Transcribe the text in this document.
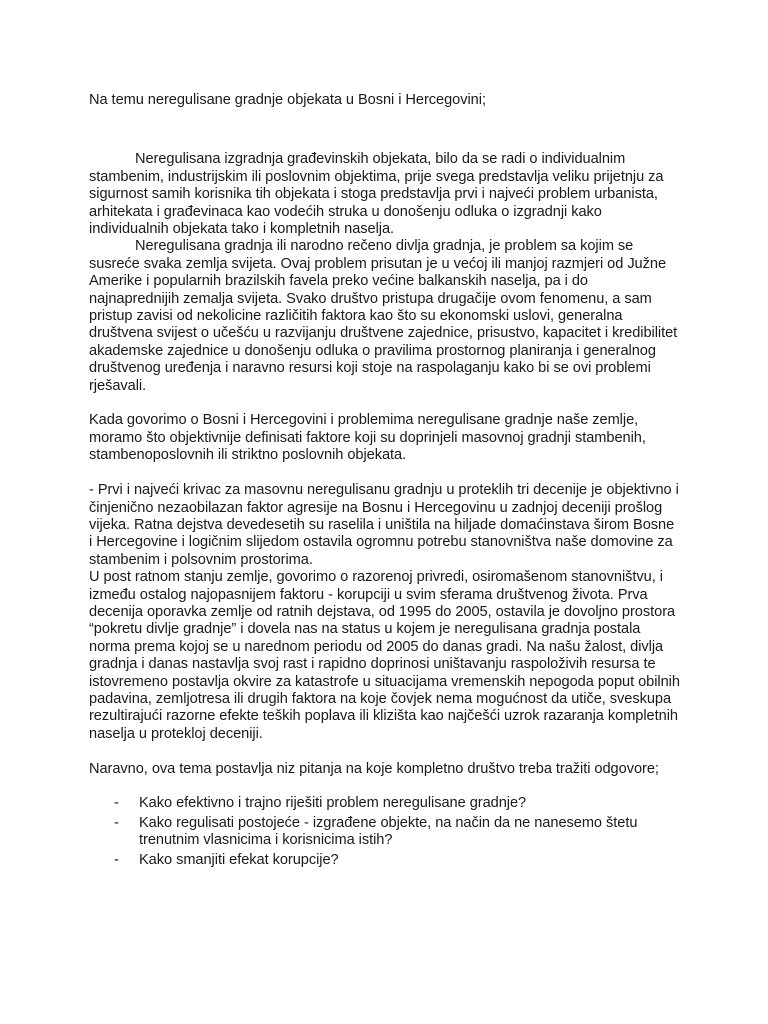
Na temu neregulisane gradnje objekata u Bosni i Hercegovini;

Neregulisana izgradnja građevinskih objekata, bilo da se radi o individualnim stambenim, industrijskim ili poslovnim objektima, prije svega predstavlja veliku prijetnju za sigurnost samih korisnika tih objekata i stoga predstavlja prvi i najveći problem urbanista, arhitekata i građevinaca kao vodećih struka u donošenju odluka o izgradnji kako individualnih objekata tako i kompletnih naselja.

Neregulisana gradnja ili narodno rečeno divlja gradnja, je problem sa kojim se susreće svaka zemlja svijeta. Ovaj problem prisutan je u većoj ili manjoj razmjeri od Južne Amerike i popularnih brazilskih favela preko većine balkanskih naselja, pa i do najnaprednijih zemalja svijeta. Svako društvo pristupa drugačije ovom fenomenu, a sam pristup zavisi od nekolicine različitih faktora kao što su ekonomski uslovi, generalna društvena svijest o učešću u razvijanju društvene zajednice, prisustvo, kapacitet i kredibilitet akademske zajednice u donošenju odluka o pravilima prostornog planiranja i generalnog društvenog uređenja i naravno resursi koji stoje na raspolaganju kako bi se ovi problemi rješavali.

Kada govorimo o Bosni i Hercegovini i problemima neregulisane gradnje naše zemlje, moramo što objektivnije definisati faktore koji su doprinjeli masovnoj gradnji stambenih, stambenoposlovnih ili striktno poslovnih objekata.

- Prvi i najveći krivac za masovnu neregulisanu gradnju u proteklih tri decenije je objektivno i činjenično nezaobilazan faktor agresije na Bosnu i Hercegovinu u zadnjoj deceniji prošlog vijeka. Ratna dejstva devedesetih su raselila i uništila na hiljade domaćinstava širom Bosne i Hercegovine i logičnim slijedom ostavila ogromnu potrebu stanovništva naše domovine za stambenim i polsovnim prostorima.

U post ratnom stanju zemlje, govorimo o razorenoj privredi, osiromašenom stanovništvu, i između ostalog najopasnijem faktoru - korupciji u svim sferama društvenog života. Prva decenija oporavka zemlje od ratnih dejstava, od 1995 do 2005, ostavila je dovoljno prostora “pokretu divlje gradnje” i dovela nas na status u kojem je neregulisana gradnja postala norma prema kojoj se u narednom periodu od 2005 do danas gradi. Na našu žalost, divlja gradnja i danas nastavlja svoj rast i rapidno doprinosi uništavanju raspoloživih resursa te istovremeno postavlja okvire za katastrofe u situacijama vremenskih nepogoda poput obilnih padavina, zemljotresa ili drugih faktora na koje čovjek nema mogućnost da utiče, sveskupa rezultirajući razorne efekte teških poplava ili klizišta kao najčešći uzrok razaranja kompletnih naselja u protekloj deceniji.

Naravno, ova tema postavlja niz pitanja na koje kompletno društvo treba tražiti odgovore;

- Kako efektivno i trajno riješiti problem neregulisane gradnje?
- Kako regulisati postojeće - izgrađene objekte, na način da ne nanesemo štetu trenutnim vlasnicima i korisnicima istih?
- Kako smanjiti efekat korupcije?
